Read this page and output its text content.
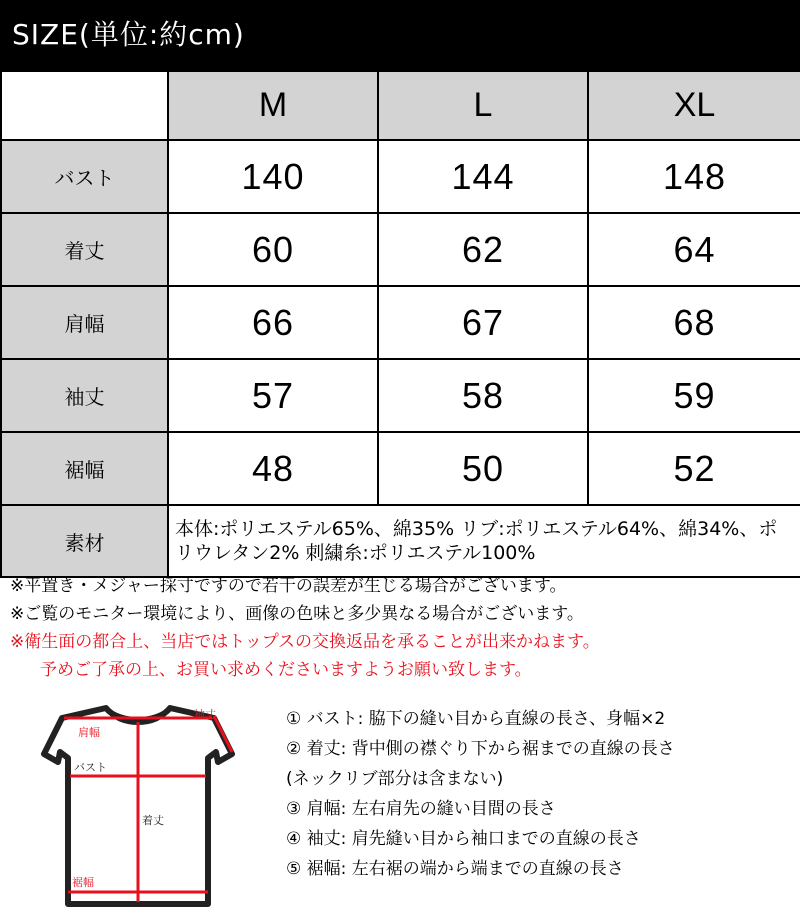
SIZE(単位:約cm)
	M	L	XL
バスト	140	144	148
着丈	60	62	64
肩幅	66	67	68
袖丈	57	58	59
裾幅	48	50	52
素材	本体:ポリエステル65%、綿35% リブ:ポリエステル64%、綿34%、ポリウレタン2% 刺繍糸:ポリエステル100%		
※平置き・メジャー採寸ですので若干の誤差が生じる場合がございます。
※ご覧のモニター環境により、画像の色味と多少異なる場合がございます。
※衛生面の都合上、当店ではトップスの交換返品を承ることが出来かねます。
予めご了承の上、お買い求めくださいますようお願い致します。
肩幅
袖丈
バスト
着丈
裾幅
① バスト: 脇下の縫い目から直線の長さ、身幅×2
② 着丈: 背中側の襟ぐり下から裾までの直線の長さ
(ネックリブ部分は含まない)
③ 肩幅: 左右肩先の縫い目間の長さ
④ 袖丈: 肩先縫い目から袖口までの直線の長さ
⑤ 裾幅: 左右裾の端から端までの直線の長さ
